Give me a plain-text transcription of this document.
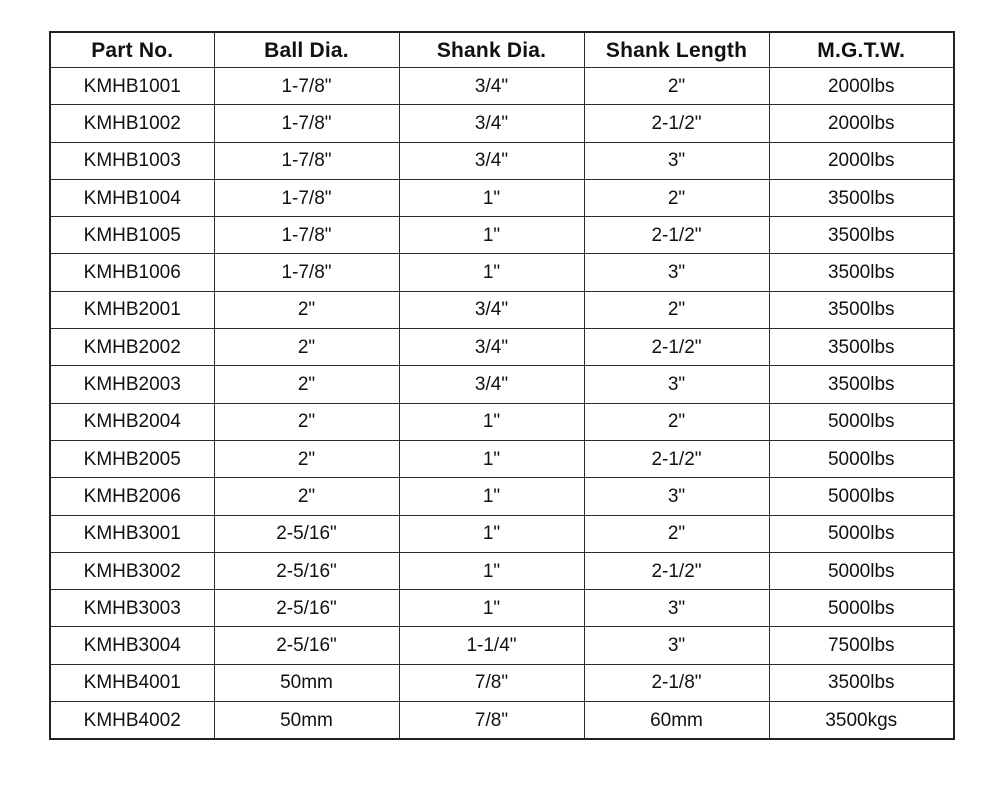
Part No.	Ball Dia.	Shank Dia.	Shank Length	M.G.T.W.
KMHB1001	1-7/8"	3/4"	2"	2000lbs
KMHB1002	1-7/8"	3/4"	2-1/2"	2000lbs
KMHB1003	1-7/8"	3/4"	3"	2000lbs
KMHB1004	1-7/8"	1"	2"	3500lbs
KMHB1005	1-7/8"	1"	2-1/2"	3500lbs
KMHB1006	1-7/8"	1"	3"	3500lbs
KMHB2001	2"	3/4"	2"	3500lbs
KMHB2002	2"	3/4"	2-1/2"	3500lbs
KMHB2003	2"	3/4"	3"	3500lbs
KMHB2004	2"	1"	2"	5000lbs
KMHB2005	2"	1"	2-1/2"	5000lbs
KMHB2006	2"	1"	3"	5000lbs
KMHB3001	2-5/16"	1"	2"	5000lbs
KMHB3002	2-5/16"	1"	2-1/2"	5000lbs
KMHB3003	2-5/16"	1"	3"	5000lbs
KMHB3004	2-5/16"	1-1/4"	3"	7500lbs
KMHB4001	50mm	7/8"	2-1/8"	3500lbs
KMHB4002	50mm	7/8"	60mm	3500kgs
